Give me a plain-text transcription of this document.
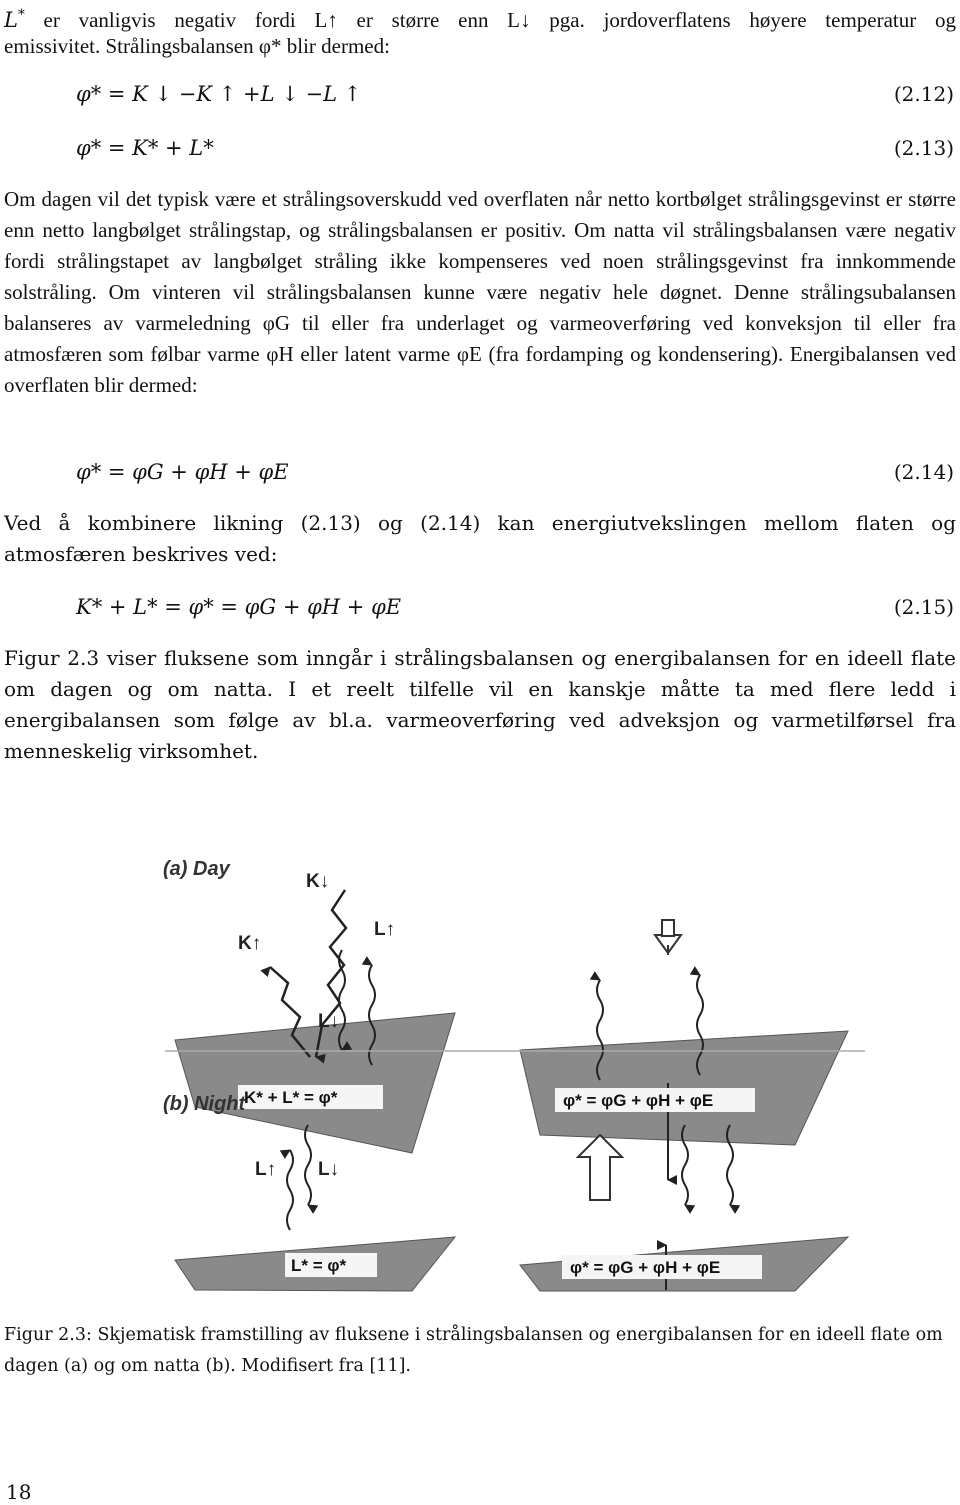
L* er vanligvis negativ fordi L↑ er større enn L↓ pga. jordoverflatens høyere temperatur og
emissivitet. Strålingsbalansen φ* blir dermed:
φ* = K ↓ −K ↑ +L ↓ −L ↑	(2.12)
φ* = K* + L*	(2.13)

Om dagen vil det typisk være et strålingsoverskudd ved overflaten når netto kortbølget strålingsgevinst er større enn netto langbølget strålingstap, og strålingsbalansen er positiv. Om natta vil strålingsbalansen være negativ fordi strålingstapet av langbølget stråling ikke kompenseres ved noen strålingsgevinst fra innkommende solstråling. Om vinteren vil strålingsbalansen kunne være negativ hele døgnet. Denne strålingsubalansen balanseres av varmeledning φG til eller fra underlaget og varmeoverføring ved konveksjon til eller fra atmosfæren som følbar varme φH eller latent varme φE (fra fordamping og kondensering). Energibalansen ved overflaten blir dermed:

φ* = φG + φH + φE	(2.14)

Ved å kombinere likning (2.13) og (2.14) kan energiutvekslingen mellom flaten og atmosfæren beskrives ved:

K* + L* = φ* = φG + φH + φE	(2.15)

Figur 2.3 viser fluksene som inngår i strålingsbalansen og energibalansen for en ideell flate om dagen og om natta. I et reelt tilfelle vil en kanskje måtte ta med flere ledd i energibalansen som følge av bl.a. varmeoverføring ved adveksjon og varmetilførsel fra menneskelig virksomhet.

(a) Day
K↓
K↑
L↑
L↓
K* + L* = φ*	φ* = φG + φH + φE
(b) Night
L↑ L↓
L* = φ*	φ* = φG + φH + φE

Figur 2.3: Skjematisk framstilling av fluksene i strålingsbalansen og energibalansen for en ideell flate om dagen (a) og om natta (b). Modifisert fra [11].

18
